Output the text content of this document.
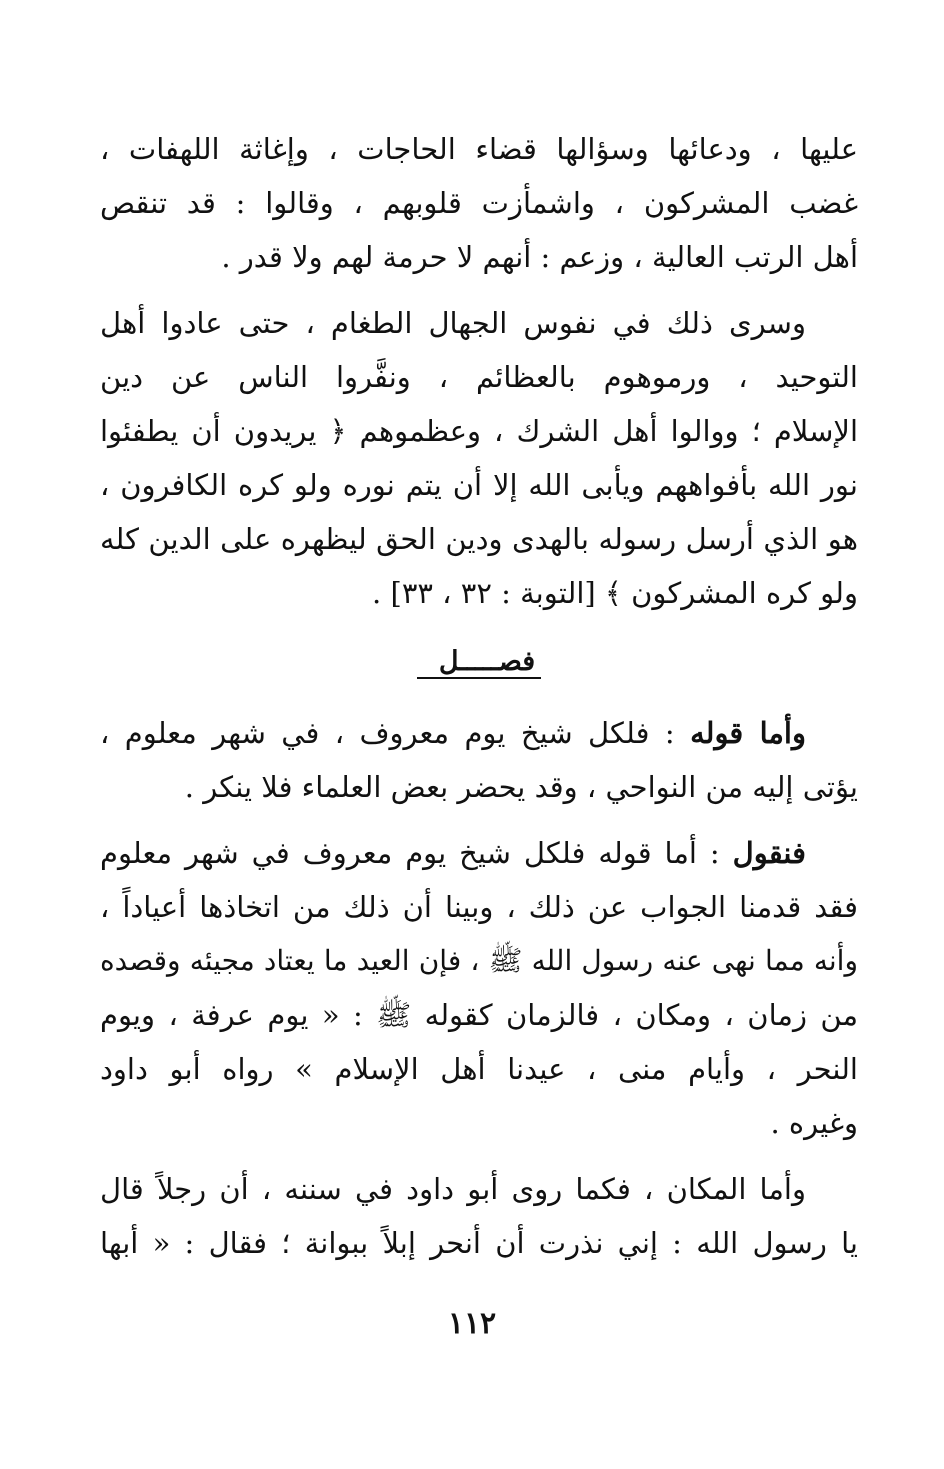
عليها ، ودعائها وسؤالها قضاء الحاجات ، وإغاثة اللهفات ،
غضب المشركون ، واشمأزت قلوبهم ، وقالوا : قد تنقص
أهل الرتب العالية ، وزعم : أنهم لا حرمة لهم ولا قدر .
وسرى ذلك في نفوس الجهال الطغام ، حتى عادوا أهل
التوحيد ، ورموهوم بالعظائم ، ونفَّروا الناس عن دين
الإسلام ؛ ووالوا أهل الشرك ، وعظموهم ﴿ يريدون أن يطفئوا
نور الله بأفواههم ويأبى الله إلا أن يتم نوره ولو كره الكافرون ،
هو الذي أرسل رسوله بالهدى ودين الحق ليظهره على الدين كله
ولو كره المشركون ﴾ [التوبة : ٣٢ ، ٣٣] .
فصـــــل
وأما قوله : فلكل شيخ يوم معروف ، في شهر معلوم ،
يؤتى إليه من النواحي ، وقد يحضر بعض العلماء فلا ينكر .
فنقول : أما قوله فلكل شيخ يوم معروف في شهر معلوم
فقد قدمنا الجواب عن ذلك ، وبينا أن ذلك من اتخاذها أعياداً ،
وأنه مما نهى عنه رسول الله ﷺ ، فإن العيد ما يعتاد مجيئه وقصده
من زمان ، ومكان ، فالزمان كقوله ﷺ : « يوم عرفة ، ويوم
النحر ، وأيام منى ، عيدنا أهل الإسلام » رواه أبو داود
وغيره .
وأما المكان ، فكما روى أبو داود في سننه ، أن رجلاً قال
يا رسول الله : إني نذرت أن أنحر إبلاً ببوانة ؛ فقال : « أبها
١١٢
